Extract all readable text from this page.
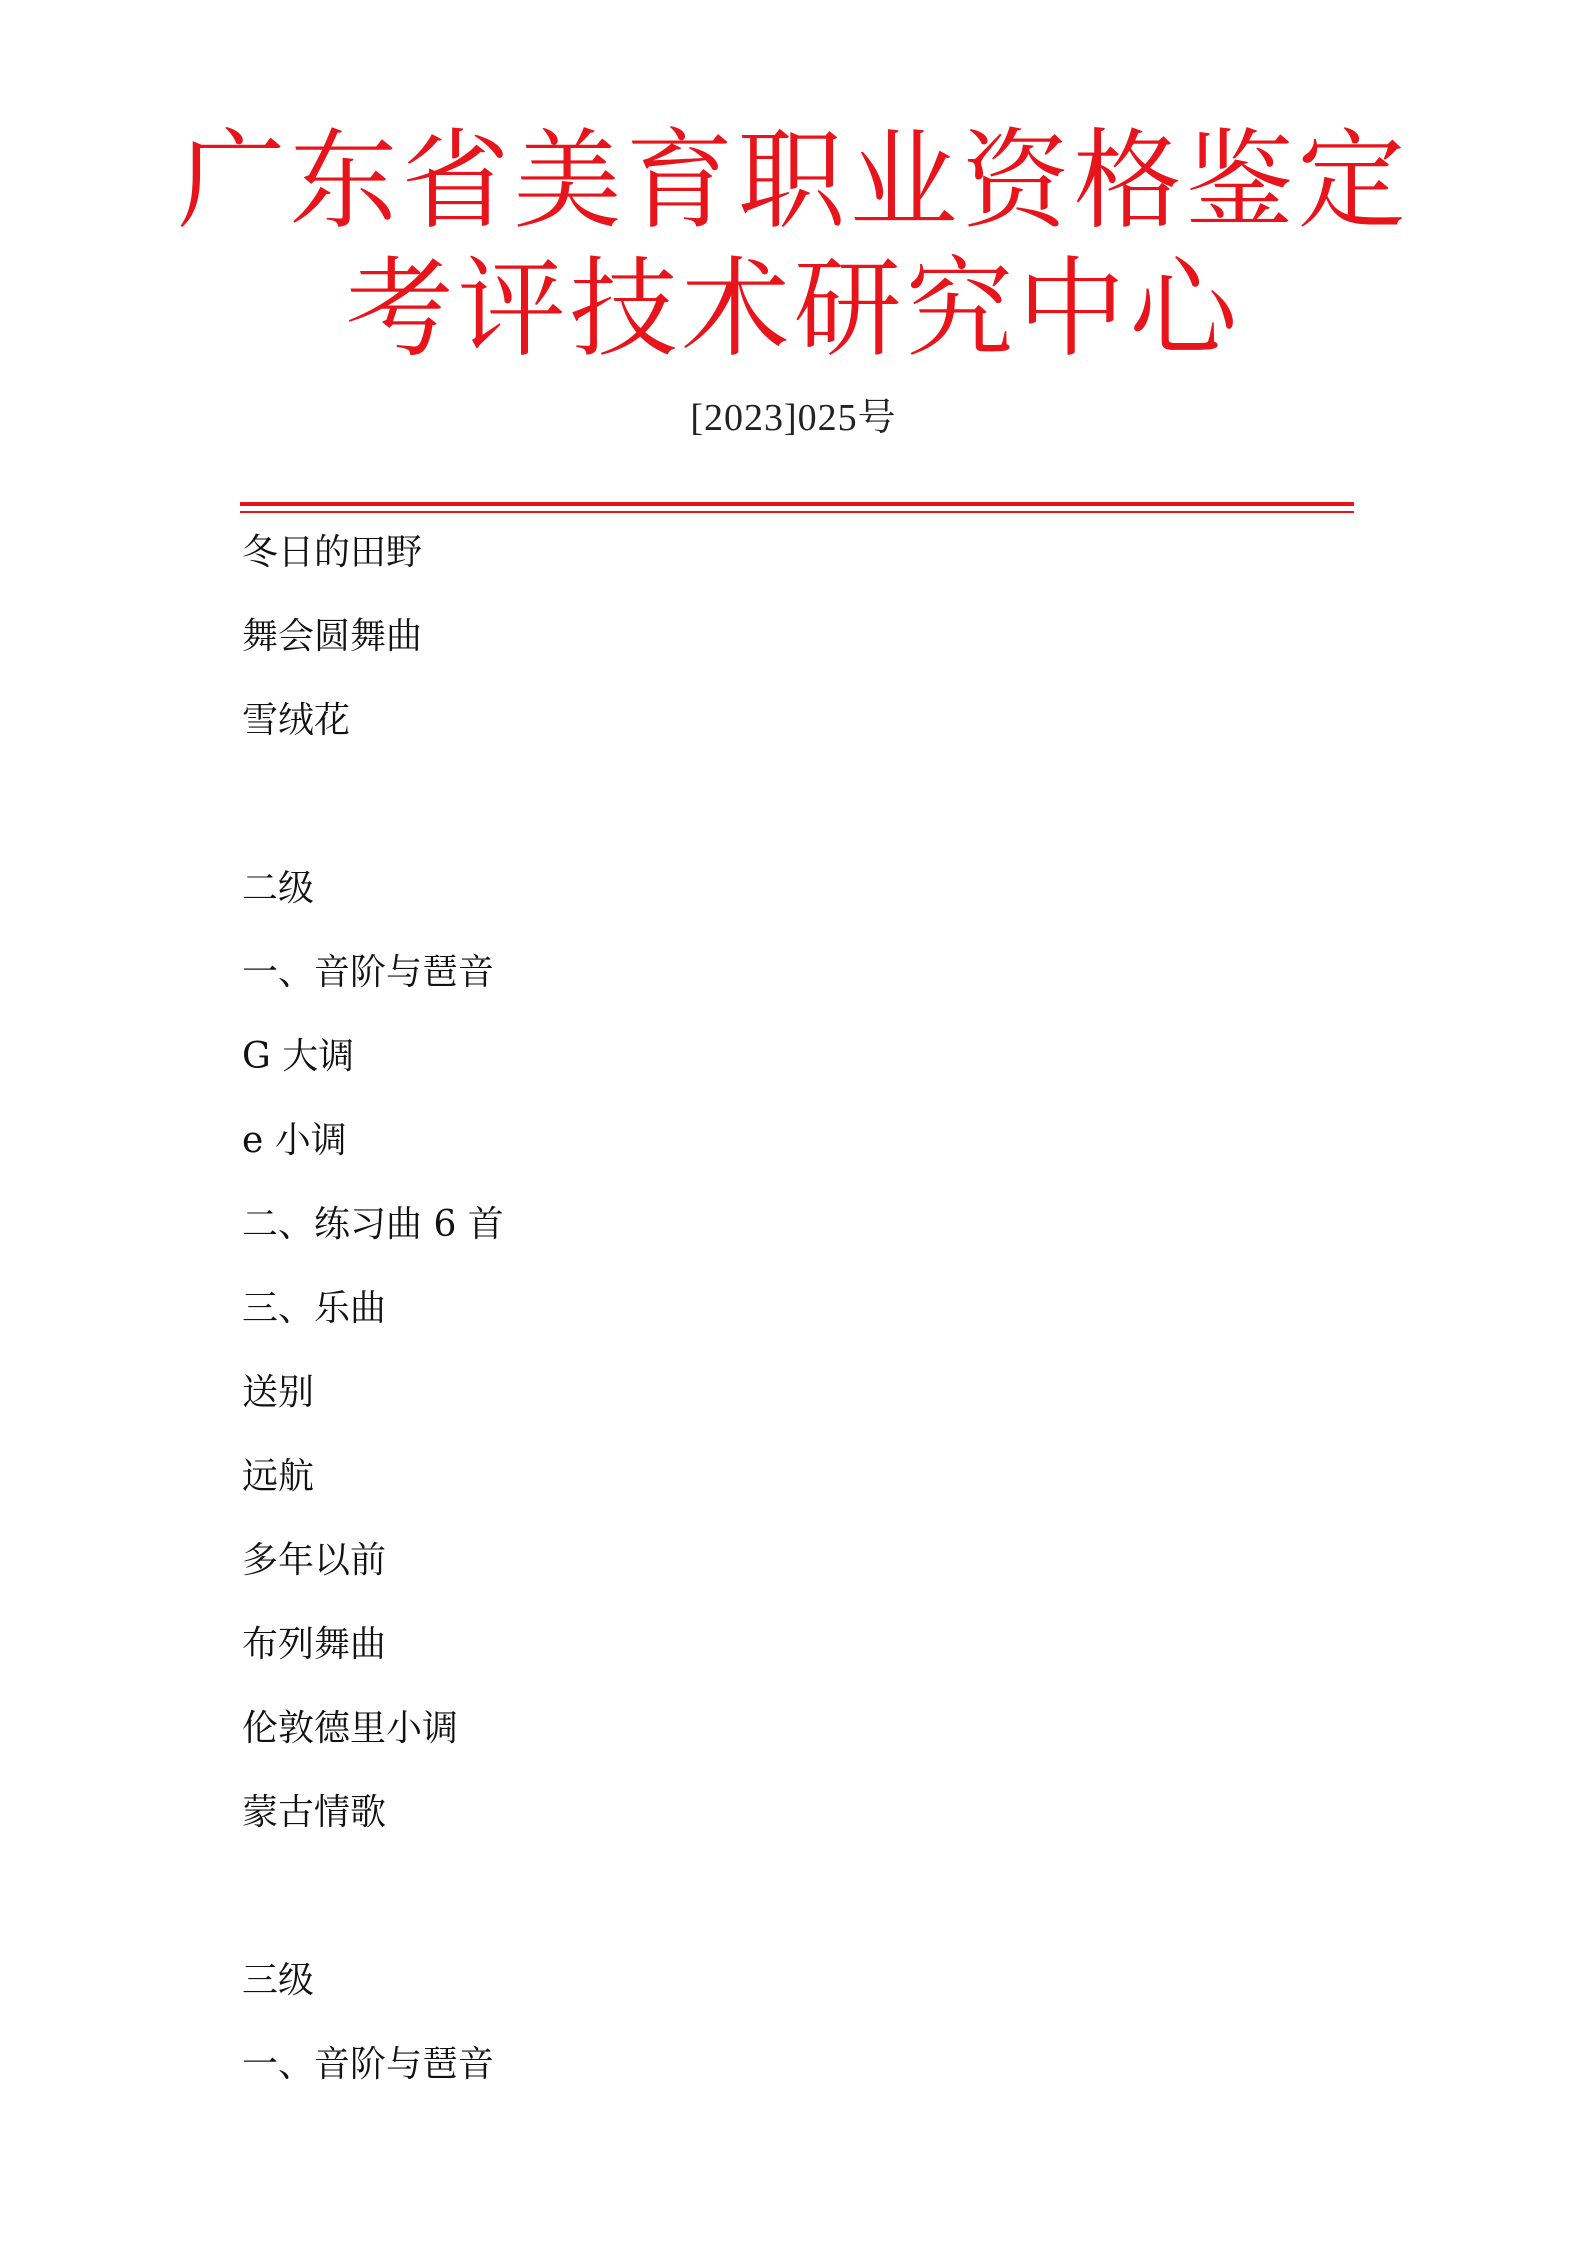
广东省美育职业资格鉴定
考评技术研究中心
[2023]025号
冬日的田野
舞会圆舞曲
雪绒花
二级
一、音阶与琶音
G 大调
e 小调
二、练习曲 6 首
三、乐曲
送别
远航
多年以前
布列舞曲
伦敦德里小调
蒙古情歌
三级
一、音阶与琶音
